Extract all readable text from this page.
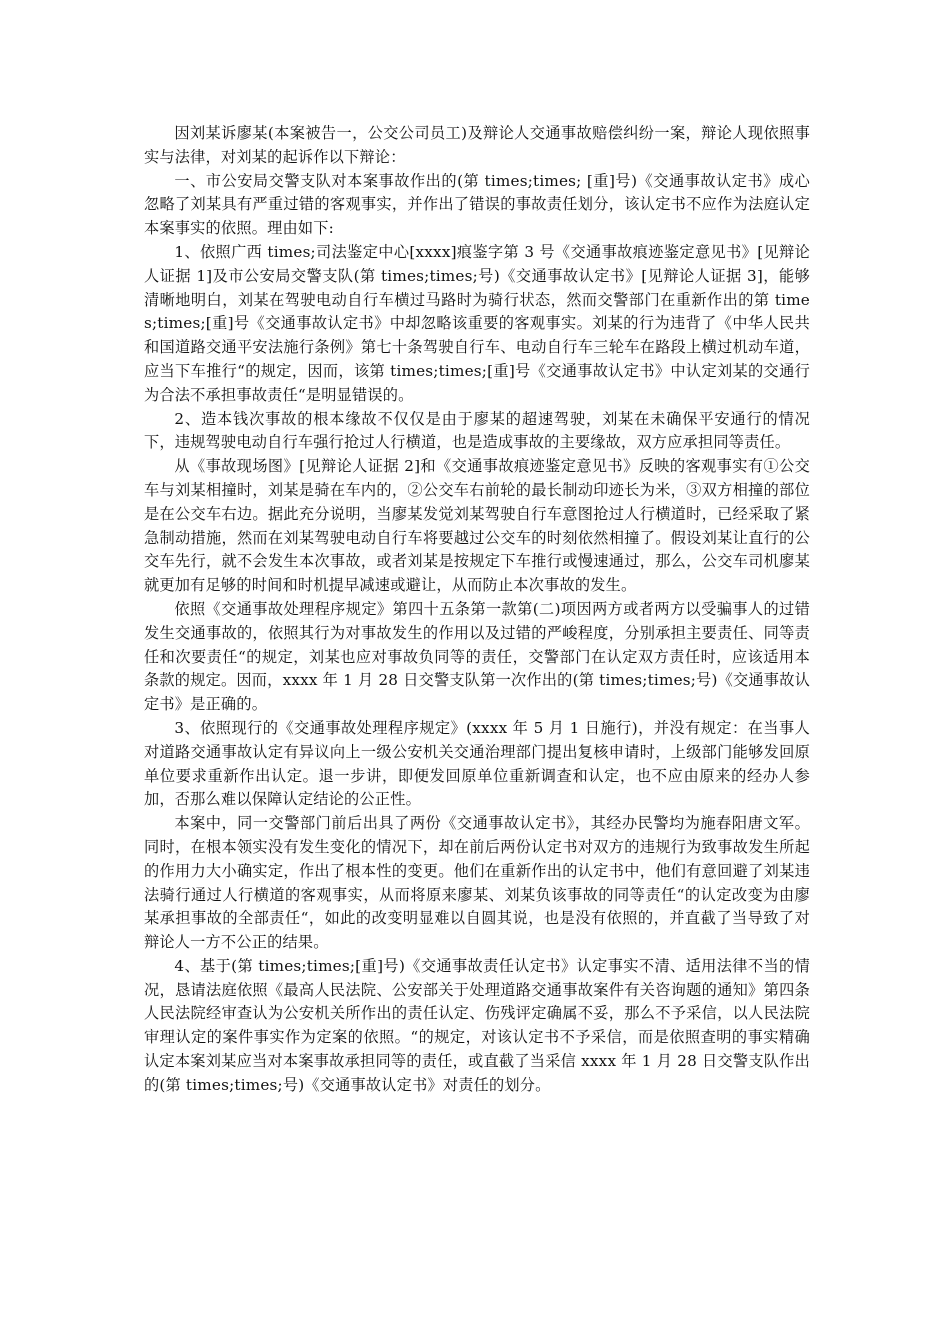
因刘某诉廖某(本案被告一，公交公司员工)及辩论人交通事故赔偿纠纷一案，辩论人现依照事实与法律，对刘某的起诉作以下辩论：

一、市公安局交警支队对本案事故作出的(第 times;times; [重]号)《交通事故认定书》成心忽略了刘某具有严重过错的客观事实，并作出了错误的事故责任划分，该认定书不应作为法庭认定本案事实的依照。理由如下:

1、依照广西 times;司法鉴定中心[xxxx]痕鉴字第 3 号《交通事故痕迹鉴定意见书》[见辩论人证据 1]及市公安局交警支队(第 times;times;号)《交通事故认定书》[见辩论人证据 3]，能够清晰地明白，刘某在驾驶电动自行车横过马路时为骑行状态，然而交警部门在重新作出的第 times;times;[重]号《交通事故认定书》中却忽略该重要的客观事实。刘某的行为违背了《中华人民共和国道路交通平安法施行条例》第七十条驾驶自行车、电动自行车三轮车在路段上横过机动车道，应当下车推行“的规定，因而，该第 times;times;[重]号《交通事故认定书》中认定刘某的交通行为合法不承担事故责任“是明显错误的。

2、造本钱次事故的根本缘故不仅仅是由于廖某的超速驾驶，刘某在未确保平安通行的情况下，违规驾驶电动自行车强行抢过人行横道，也是造成事故的主要缘故，双方应承担同等责任。

从《事故现场图》[见辩论人证据 2]和《交通事故痕迹鉴定意见书》反映的客观事实有①公交车与刘某相撞时，刘某是骑在车内的，②公交车右前轮的最长制动印迹长为米，③双方相撞的部位是在公交车右边。据此充分说明，当廖某发觉刘某驾驶自行车意图抢过人行横道时，已经采取了紧急制动措施，然而在刘某驾驶电动自行车将要越过公交车的时刻依然相撞了。假设刘某让直行的公交车先行，就不会发生本次事故，或者刘某是按规定下车推行或慢速通过，那么，公交车司机廖某就更加有足够的时间和时机提早减速或避让，从而防止本次事故的发生。

依照《交通事故处理程序规定》第四十五条第一款第(二)项因两方或者两方以受骗事人的过错发生交通事故的，依照其行为对事故发生的作用以及过错的严峻程度，分别承担主要责任、同等责任和次要责任“的规定，刘某也应对事故负同等的责任，交警部门在认定双方责任时，应该适用本条款的规定。因而，xxxx 年 1 月 28 日交警支队第一次作出的(第 times;times;号)《交通事故认定书》是正确的。

3、依照现行的《交通事故处理程序规定》(xxxx 年 5 月 1 日施行)，并没有规定：在当事人对道路交通事故认定有异议向上一级公安机关交通治理部门提出复核申请时，上级部门能够发回原单位要求重新作出认定。退一步讲，即便发回原单位重新调查和认定，也不应由原来的经办人参加，否那么难以保障认定结论的公正性。

本案中，同一交警部门前后出具了两份《交通事故认定书》，其经办民警均为施春阳唐文军。同时，在根本领实没有发生变化的情况下，却在前后两份认定书对双方的违规行为致事故发生所起的作用力大小确实定，作出了根本性的变更。他们在重新作出的认定书中，他们有意回避了刘某违法骑行通过人行横道的客观事实，从而将原来廖某、刘某负该事故的同等责任“的认定改变为由廖某承担事故的全部责任“，如此的改变明显难以自圆其说，也是没有依照的，并直截了当导致了对辩论人一方不公正的结果。

4、基于(第 times;times;[重]号)《交通事故责任认定书》认定事实不清、适用法律不当的情况，恳请法庭依照《最高人民法院、公安部关于处理道路交通事故案件有关咨询题的通知》第四条人民法院经审查认为公安机关所作出的责任认定、伤残评定确属不妥，那么不予采信，以人民法院审理认定的案件事实作为定案的依照。“的规定，对该认定书不予采信，而是依照查明的事实精确认定本案刘某应当对本案事故承担同等的责任，或直截了当采信 xxxx 年 1 月 28 日交警支队作出的(第 times;times;号)《交通事故认定书》对责任的划分。
